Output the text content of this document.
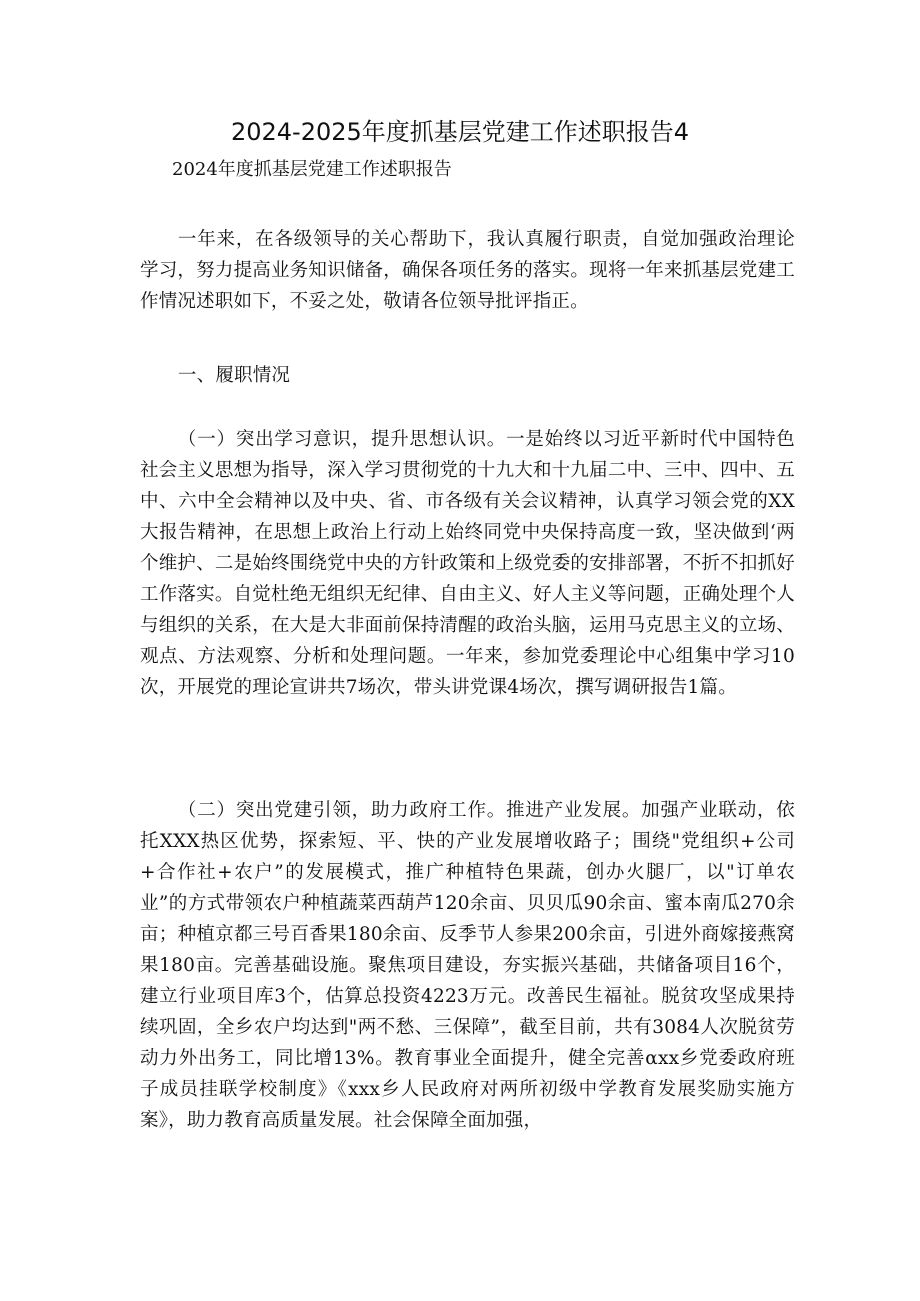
2024-2025年度抓基层党建工作述职报告4
2024年度抓基层党建工作述职报告

一年来，在各级领导的关心帮助下，我认真履行职责，自觉加强政治理论学习，努力提高业务知识储备，确保各项任务的落实。现将一年来抓基层党建工作情况述职如下，不妥之处，敬请各位领导批评指正。

一、履职情况

（一）突出学习意识，提升思想认识。一是始终以习近平新时代中国特色社会主义思想为指导，深入学习贯彻党的十九大和十九届二中、三中、四中、五中、六中全会精神以及中央、省、市各级有关会议精神，认真学习领会党的XX大报告精神，在思想上政治上行动上始终同党中央保持高度一致，坚决做到‘两个维护、二是始终围绕党中央的方针政策和上级党委的安排部署，不折不扣抓好工作落实。自觉杜绝无组织无纪律、自由主义、好人主义等问题，正确处理个人与组织的关系，在大是大非面前保持清醒的政治头脑，运用马克思主义的立场、观点、方法观察、分析和处理问题。一年来，参加党委理论中心组集中学习10次，开展党的理论宣讲共7场次，带头讲党课4场次，撰写调研报告1篇。

（二）突出党建引领，助力政府工作。推进产业发展。加强产业联动，依托XXX热区优势，探索短、平、快的产业发展增收路子；围绕"党组织+公司+合作社+农户”的发展模式，推广种植特色果蔬，创办火腿厂，以"订单农业”的方式带领农户种植蔬菜西葫芦120余亩、贝贝瓜90余亩、蜜本南瓜270余亩；种植京都三号百香果180余亩、反季节人参果200余亩，引进外商嫁接燕窝果180亩。完善基础设施。聚焦项目建设，夯实振兴基础，共储备项目16个，建立行业项目库3个，估算总投资4223万元。改善民生福祉。脱贫攻坚成果持续巩固，全乡农户均达到"两不愁、三保障”，截至目前，共有3084人次脱贫劳动力外出务工，同比增13%。教育事业全面提升，健全完善αxx乡党委政府班子成员挂联学校制度》《xxx乡人民政府对两所初级中学教育发展奖励实施方案》，助力教育高质量发展。社会保障全面加强，
